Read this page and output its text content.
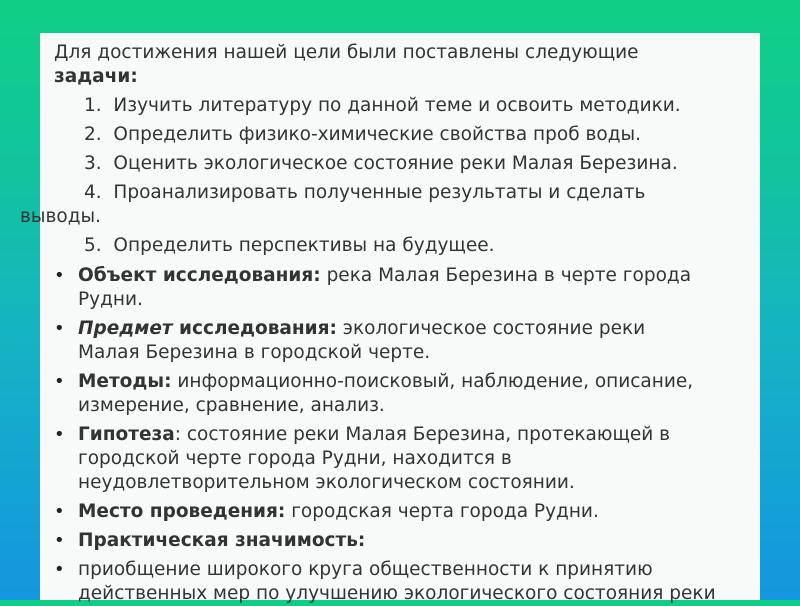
Для достижения нашей цели были поставлены следующие

задачи:

1. Изучить литературу по данной теме и освоить методики.

2. Определить физико-химические свойства проб воды.

3. Оценить экологическое состояние реки Малая Березина.

4. Проанализировать полученные результаты и сделать

выводы.

5. Определить перспективы на будущее.

• Объект исследования: река Малая Березина в черте города

Рудни.

• Предмет исследования: экологическое состояние реки

Малая Березина в городской черте.

• Методы: информационно-поисковый, наблюдение, описание,

измерение, сравнение, анализ.

• Гипотеза: состояние реки Малая Березина, протекающей в

городской черте города Рудни, находится в

неудовлетворительном экологическом состоянии.

• Место проведения: городская черта города Рудни.

• Практическая значимость:

• приобщение широкого круга общественности к принятию

действенных мер по улучшению экологического состояния реки
